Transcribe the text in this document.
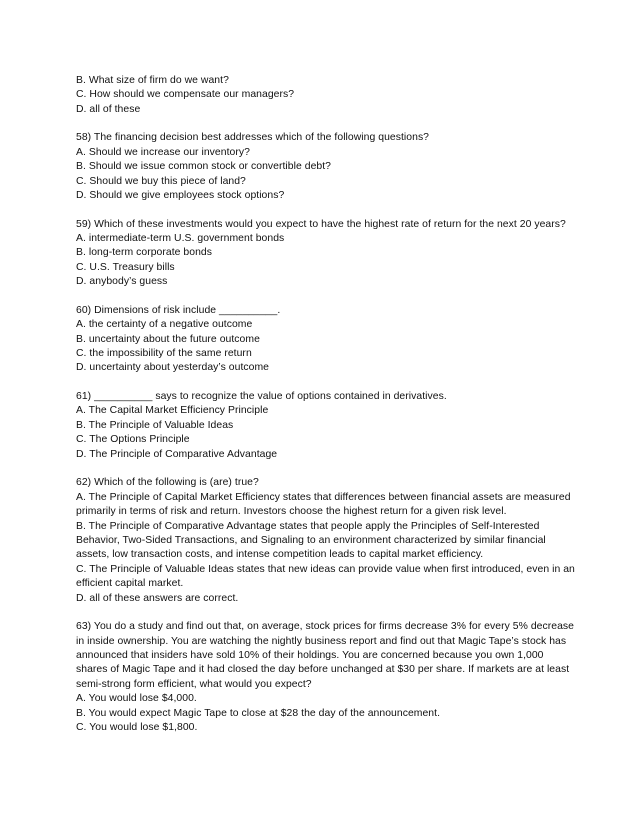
B. What size of firm do we want?
C. How should we compensate our managers?
D. all of these
58) The financing decision best addresses which of the following questions?
A. Should we increase our inventory?
B. Should we issue common stock or convertible debt?
C. Should we buy this piece of land?
D. Should we give employees stock options?
59) Which of these investments would you expect to have the highest rate of return for the next 20 years?
A. intermediate-term U.S. government bonds
B. long-term corporate bonds
C. U.S. Treasury bills
D. anybody’s guess
60) Dimensions of risk include __________.
A. the certainty of a negative outcome
B. uncertainty about the future outcome
C. the impossibility of the same return
D. uncertainty about yesterday’s outcome
61) __________ says to recognize the value of options contained in derivatives.
A. The Capital Market Efficiency Principle
B. The Principle of Valuable Ideas
C. The Options Principle
D. The Principle of Comparative Advantage
62) Which of the following is (are) true?
A. The Principle of Capital Market Efficiency states that differences between financial assets are measured primarily in terms of risk and return. Investors choose the highest return for a given risk level.
B. The Principle of Comparative Advantage states that people apply the Principles of Self-Interested Behavior, Two-Sided Transactions, and Signaling to an environment characterized by similar financial assets, low transaction costs, and intense competition leads to capital market efficiency.
C. The Principle of Valuable Ideas states that new ideas can provide value when first introduced, even in an efficient capital market.
D. all of these answers are correct.
63) You do a study and find out that, on average, stock prices for firms decrease 3% for every 5% decrease in inside ownership. You are watching the nightly business report and find out that Magic Tape’s stock has announced that insiders have sold 10% of their holdings. You are concerned because you own 1,000 shares of Magic Tape and it had closed the day before unchanged at $30 per share. If markets are at least semi-strong form efficient, what would you expect?
A. You would lose $4,000.
B. You would expect Magic Tape to close at $28 the day of the announcement.
C. You would lose $1,800.
